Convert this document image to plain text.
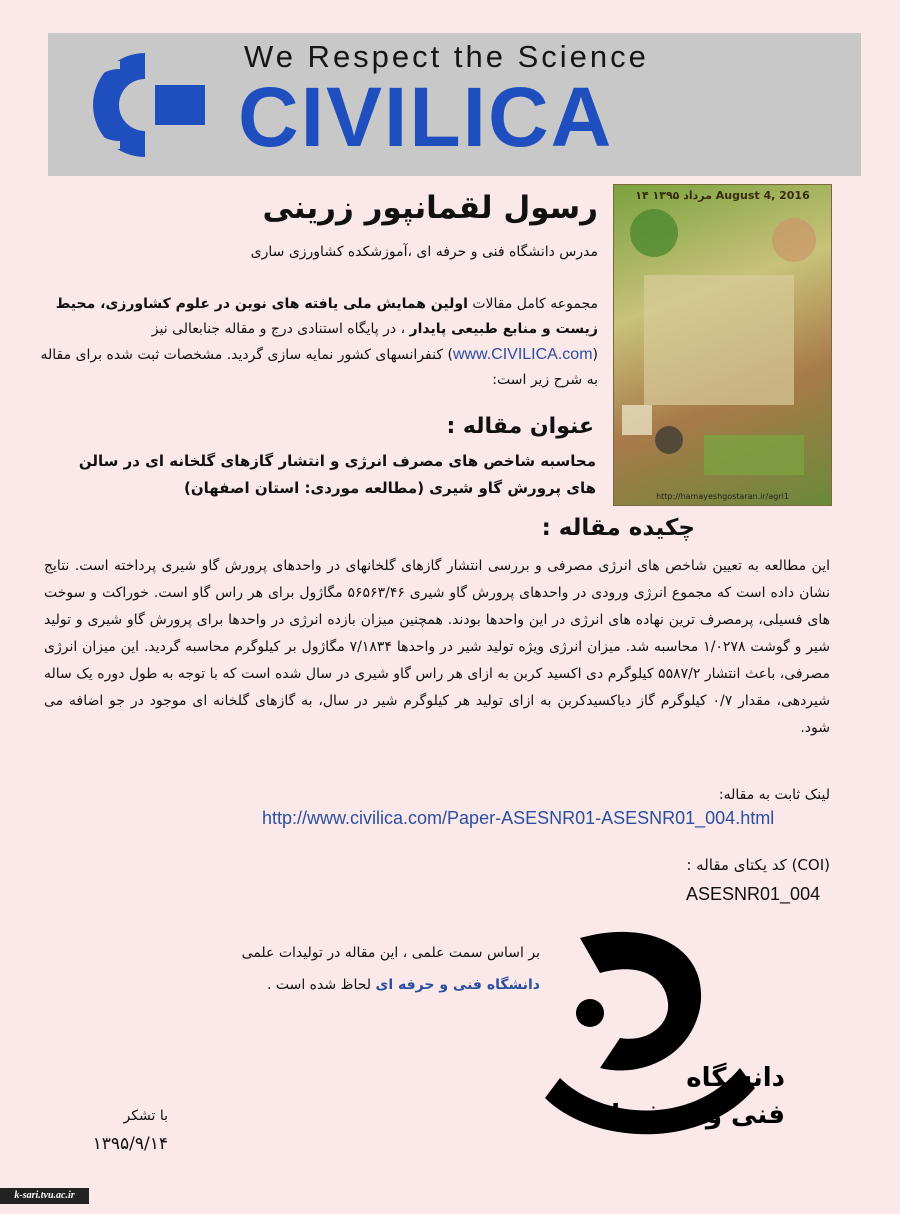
We Respect the Science
CIVILICA
۱۴ مرداد ۱۳۹۵ August 4, 2016
http://hamayeshgostaran.ir/agri1
رسول لقمانپور زرینی
مدرس دانشگاه فنی و حرفه ای ،آموزشکده کشاورزی ساری
مجموعه کامل مقالات اولین همایش ملی یافته های نوین در علوم کشاورزی، محیط زیست و منابع طبیعی پایدار ، در پایگاه استنادی درج و مقاله جنابعالی نیز (www.CIVILICA.com) کنفرانسهای کشور نمایه سازی گردید. مشخصات ثبت شده برای مقاله به شرح زیر است:
عنوان مقاله :
محاسبه شاخص های مصرف انرژی و انتشار گازهای گلخانه ای در سالن های پرورش گاو شیری (مطالعه موردی: استان اصفهان)
چکیده مقاله :
این مطالعه به تعیین شاخص های انرژی مصرفی و بررسی انتشار گازهای گلخانهای در واحدهای پرورش گاو شیری پرداخته است. نتایج نشان داده است که مجموع انرژی ورودی در واحدهای پرورش گاو شیری ۵۶۵۶۳/۴۶ مگاژول برای هر راس گاو است. خوراکت و سوخت های فسیلی، پرمصرف ترین نهاده های انرژی در این واحدها بودند. همچنین میزان بازده انرژی در واحدها برای پرورش گاو شیری و تولید شیر و گوشت ۱/۰۲۷۸ محاسبه شد. میزان انرژی ویژه تولید شیر در واحدها ۷/۱۸۳۴ مگاژول بر کیلوگرم محاسبه گردید. این میزان انرژی مصرفی، باعث انتشار ۵۵۸۷/۲ کیلوگرم دی اکسید کربن به ازای هر راس گاو شیری در سال شده است که با توجه به طول دوره یک ساله شیردهی، مقدار ۰/۷ کیلوگرم گاز دیاکسیدکربن به ازای تولید هر کیلوگرم شیر در سال، به گازهای گلخانه ای موجود در جو اضافه می شود.
لینک ثابت به مقاله:
http://www.civilica.com/Paper-ASESNR01-ASESNR01_004.html
(COI) کد یکتای مقاله :
ASESNR01_004
بر اساس سمت علمی ، این مقاله در تولیدات علمی
دانشگاه فنی و حرفه ای لحاظ شده است .
دانشگاه
فنی و حرفه ای
با تشکر
۱۳۹۵/۹/۱۴
k-sari.tvu.ac.ir
